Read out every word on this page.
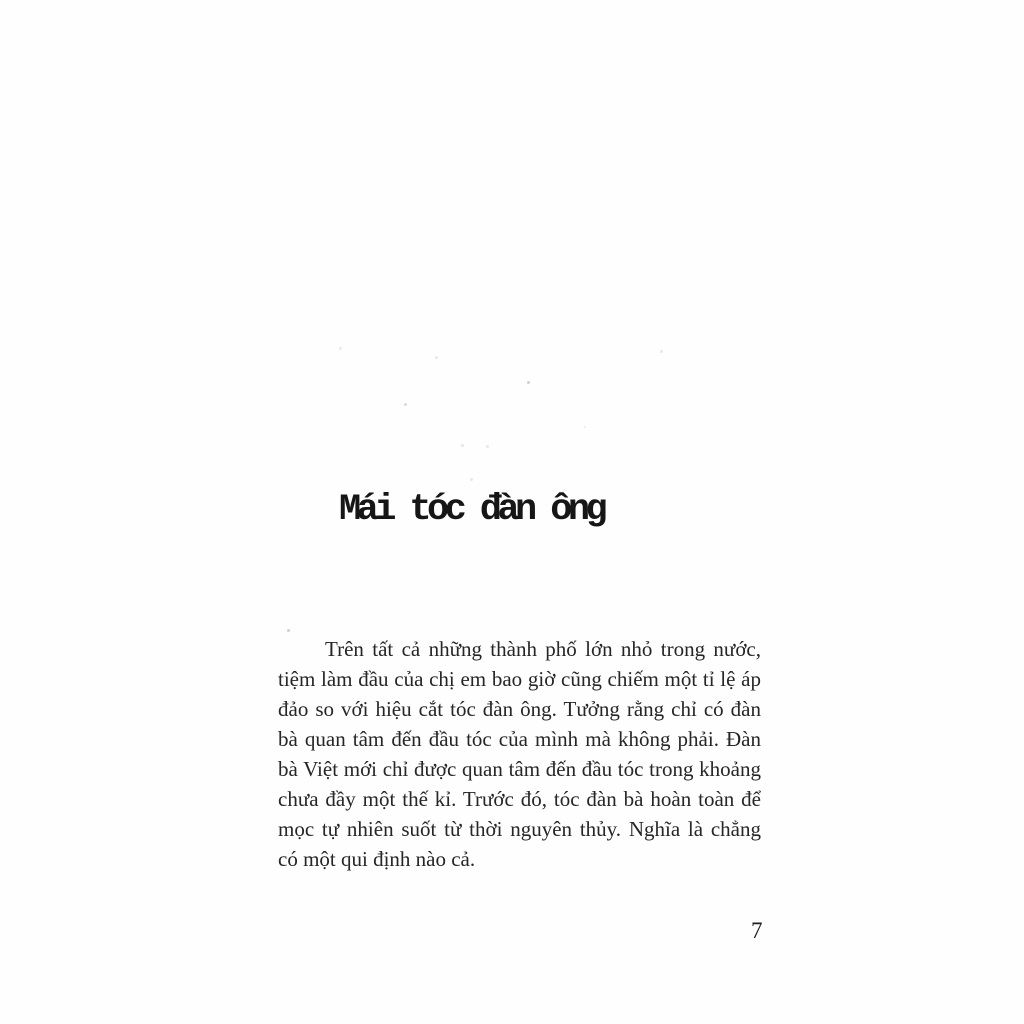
Mái tóc đàn ông
Trên tất cả những thành phố lớn nhỏ trong nước,
tiệm làm đầu của chị em bao giờ cũng chiếm một tỉ lệ áp
đảo so với hiệu cắt tóc đàn ông. Tưởng rằng chỉ có đàn
bà quan tâm đến đầu tóc của mình mà không phải. Đàn
bà Việt mới chỉ được quan tâm đến đầu tóc trong khoảng
chưa đầy một thế kỉ. Trước đó, tóc đàn bà hoàn toàn để
mọc tự nhiên suốt từ thời nguyên thủy. Nghĩa là chẳng
có một qui định nào cả.
7
